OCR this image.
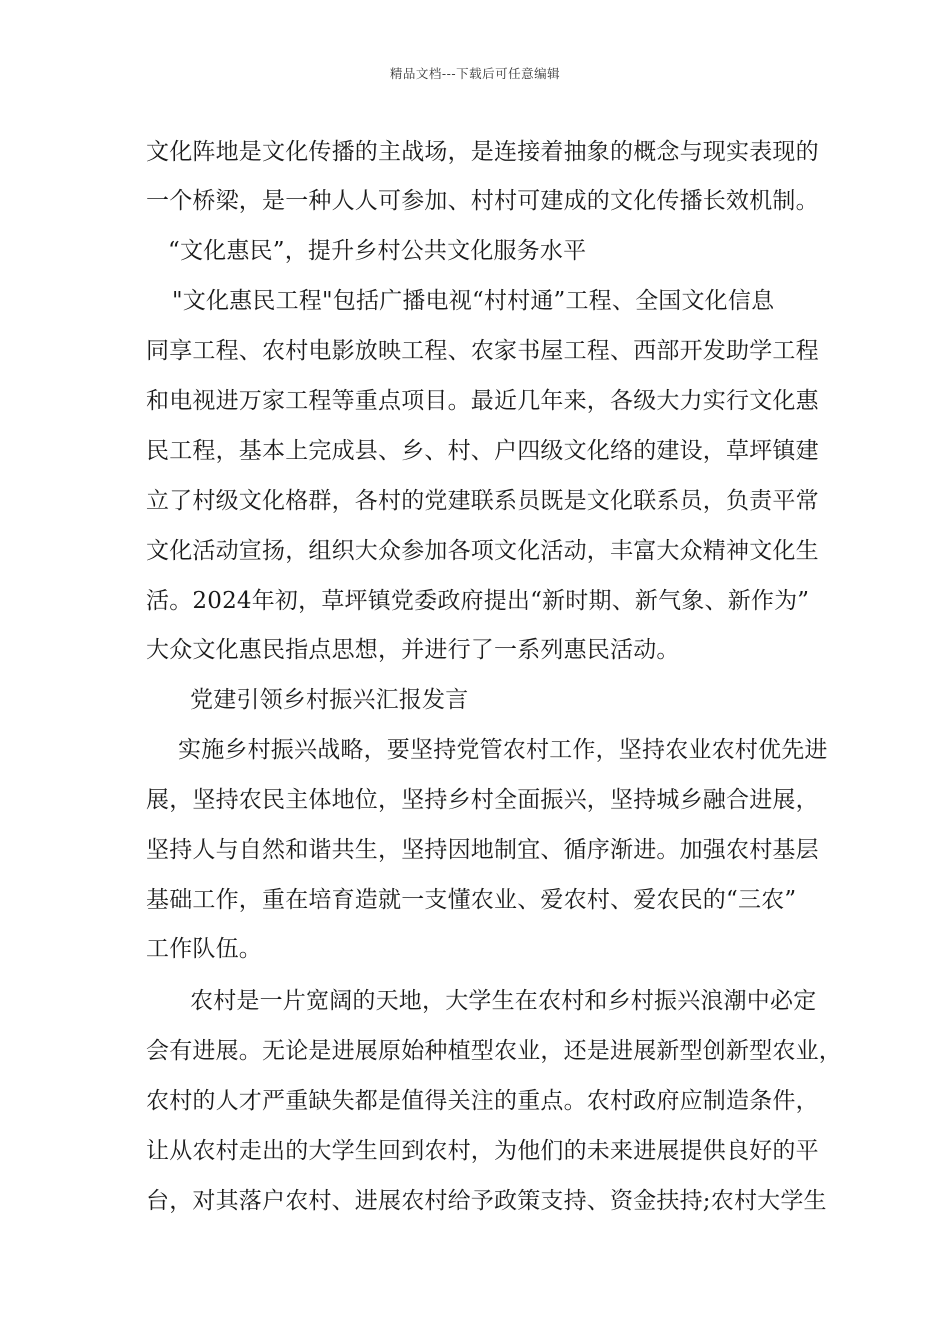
精品文档---下载后可任意编辑
文化阵地是文化传播的主战场，是连接着抽象的概念与现实表现的
一个桥梁，是一种人人可参加、村村可建成的文化传播长效机制。
“文化惠民”，提升乡村公共文化服务水平
"文化惠民工程"包括广播电视“村村通”工程、全国文化信息
同享工程、农村电影放映工程、农家书屋工程、西部开发助学工程
和电视进万家工程等重点项目。最近几年来，各级大力实行文化惠
民工程，基本上完成县、乡、村、户四级文化络的建设，草坪镇建
立了村级文化格群，各村的党建联系员既是文化联系员，负责平常
文化活动宣扬，组织大众参加各项文化活动，丰富大众精神文化生
活。2024年初，草坪镇党委政府提出“新时期、新气象、新作为”
大众文化惠民指点思想，并进行了一系列惠民活动。
党建引领乡村振兴汇报发言
实施乡村振兴战略，要坚持党管农村工作，坚持农业农村优先进
展，坚持农民主体地位，坚持乡村全面振兴，坚持城乡融合进展，
坚持人与自然和谐共生，坚持因地制宜、循序渐进。加强农村基层
基础工作，重在培育造就一支懂农业、爱农村、爱农民的“三农”
工作队伍。
农村是一片宽阔的天地，大学生在农村和乡村振兴浪潮中必定
会有进展。无论是进展原始种植型农业，还是进展新型创新型农业，
农村的人才严重缺失都是值得关注的重点。农村政府应制造条件，
让从农村走出的大学生回到农村，为他们的未来进展提供良好的平
台，对其落户农村、进展农村给予政策支持、资金扶持;农村大学生
